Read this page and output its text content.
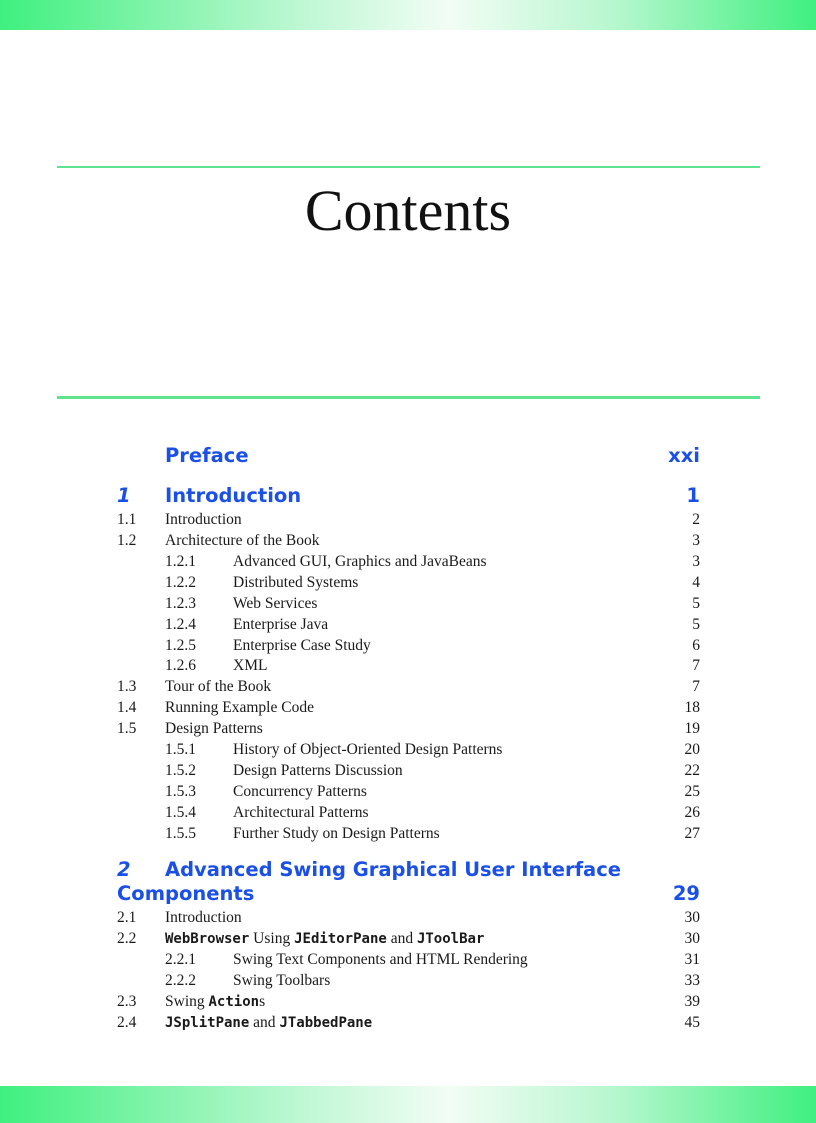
Contents
Preface	xxi
1 Introduction	1
1.1 Introduction	2
1.2 Architecture of the Book	3
1.2.1 Advanced GUI, Graphics and JavaBeans	3
1.2.2 Distributed Systems	4
1.2.3 Web Services	5
1.2.4 Enterprise Java	5
1.2.5 Enterprise Case Study	6
1.2.6 XML	7
1.3 Tour of the Book	7
1.4 Running Example Code	18
1.5 Design Patterns	19
1.5.1 History of Object-Oriented Design Patterns	20
1.5.2 Design Patterns Discussion	22
1.5.3 Concurrency Patterns	25
1.5.4 Architectural Patterns	26
1.5.5 Further Study on Design Patterns	27
2 Advanced Swing Graphical User Interface
Components	29
2.1 Introduction	30
2.2 WebBrowser Using JEditorPane and JToolBar	30
2.2.1 Swing Text Components and HTML Rendering	31
2.2.2 Swing Toolbars	33
2.3 Swing Actions	39
2.4 JSplitPane and JTabbedPane	45
